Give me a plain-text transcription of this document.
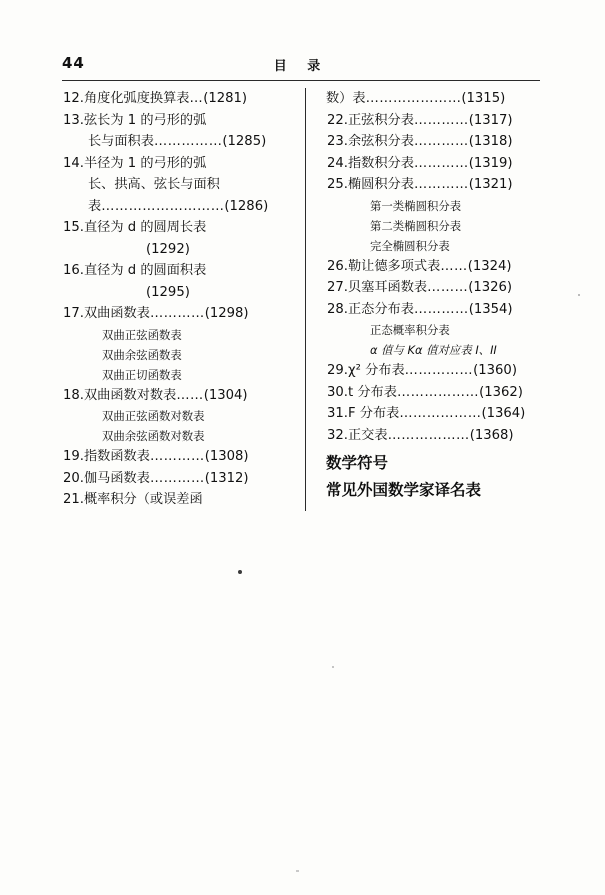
44	目 录
12.角度化弧度换算表…(1281)
13.弦长为 1 的弓形的弧
长与面积表……………(1285)
14.半径为 1 的弓形的弧
长、拱高、弦长与面积
表………………………(1286)
15.直径为 d 的圆周长表
(1292)
16.直径为 d 的圆面积表
(1295)
17.双曲函数表…………(1298)
双曲正弦函数表
双曲余弦函数表
双曲正切函数表
18.双曲函数对数表……(1304)
双曲正弦函数对数表
双曲余弦函数对数表
19.指数函数表…………(1308)
20.伽马函数表…………(1312)
21.概率积分（或误差函
数）表…………………(1315)
22.正弦积分表…………(1317)
23.余弦积分表…………(1318)
24.指数积分表…………(1319)
25.椭圆积分表…………(1321)
第一类椭圆积分表
第二类椭圆积分表
完全椭圆积分表
26.勒让德多项式表……(1324)
27.贝塞耳函数表………(1326)
28.正态分布表…………(1354)
正态概率积分表
α 值与 Kα 值对应表 I、II
29.χ² 分布表……………(1360)
30.t 分布表………………(1362)
31.F 分布表………………(1364)
32.正交表………………(1368)
数学符号
常见外国数学家译名表
